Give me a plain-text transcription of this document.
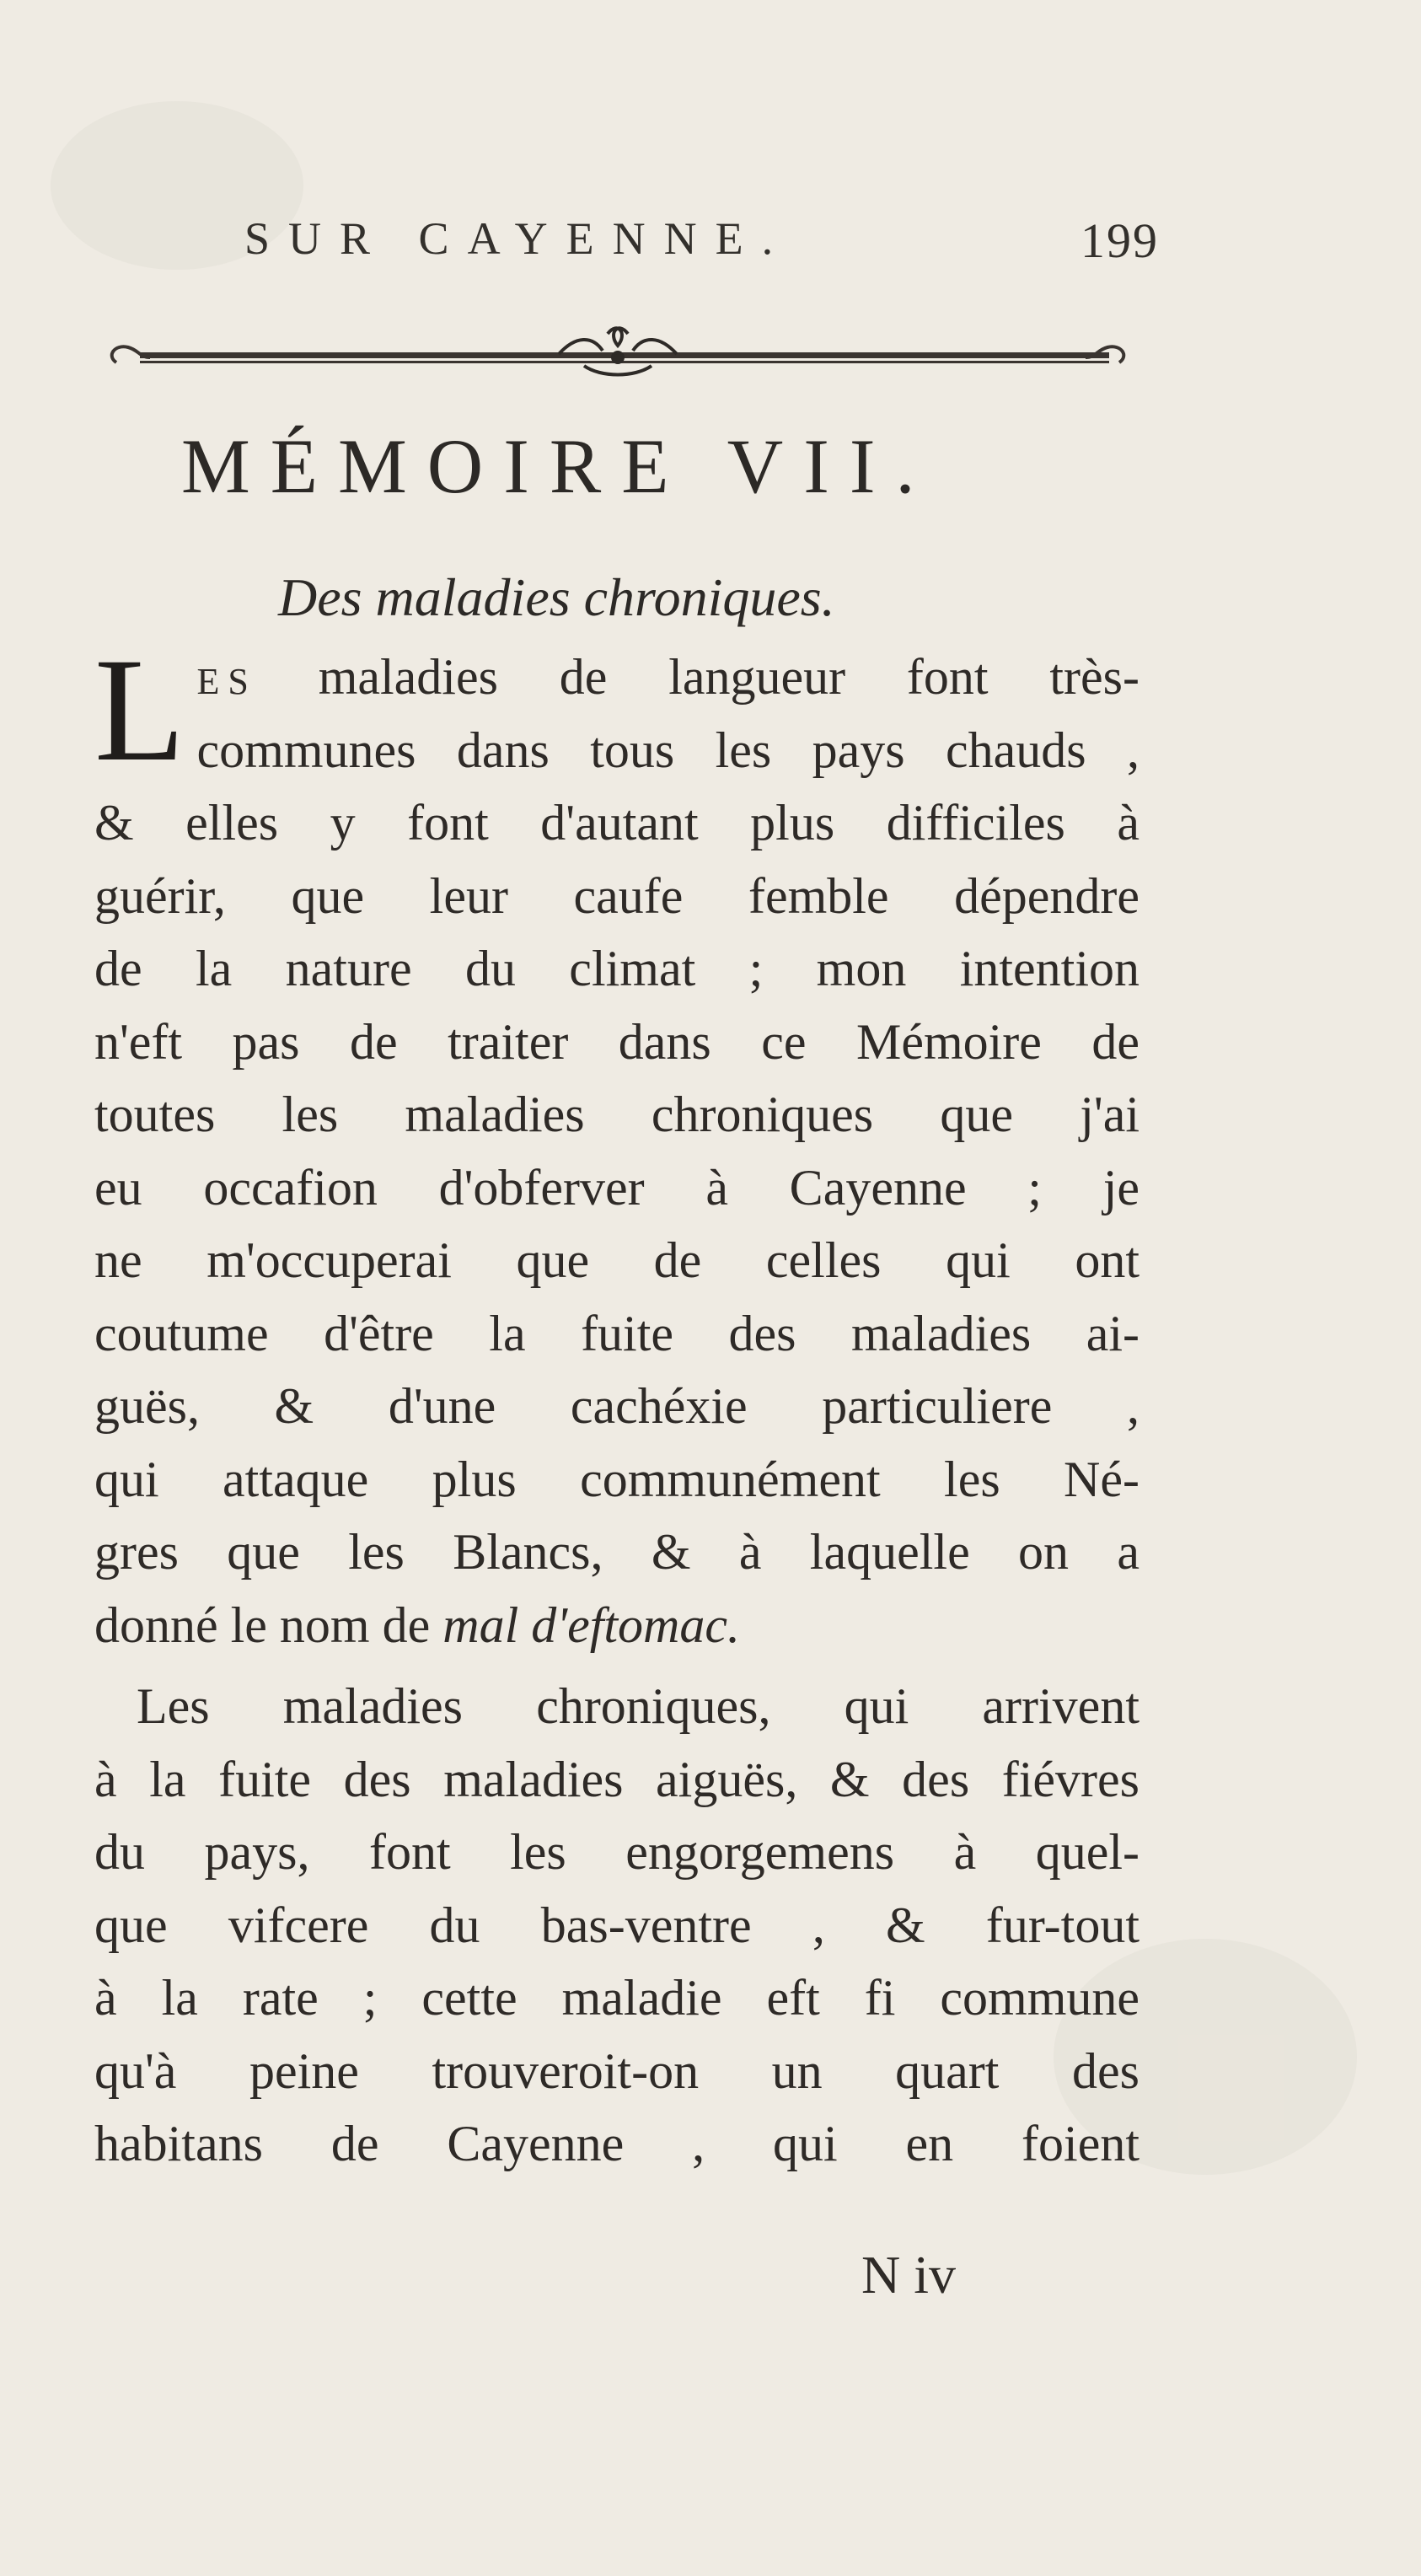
SUR CAYENNE.	199
MÉMOIRE VII.
Des maladies chroniques.
L ES maladies de langueur font très-
communes dans tous les pays chauds ,
& elles y font d'autant plus difficiles à
guérir, que leur caufe femble dépendre
de la nature du climat ; mon intention
n'eft pas de traiter dans ce Mémoire de
toutes les maladies chroniques que j'ai
eu occafion d'obferver à Cayenne ; je
ne m'occuperai que de celles qui ont
coutume d'être la fuite des maladies ai-
guës, & d'une cachéxie particuliere ,
qui attaque plus communément les Né-
gres que les Blancs, & à laquelle on a
donné le nom de mal d'eftomac.
Les maladies chroniques, qui arrivent
à la fuite des maladies aiguës, & des fiévres
du pays, font les engorgemens à quel-
que vifcere du bas-ventre , & fur-tout
à la rate ; cette maladie eft fi commune
qu'à peine trouveroit-on un quart des
habitans de Cayenne , qui en foient
N iv
